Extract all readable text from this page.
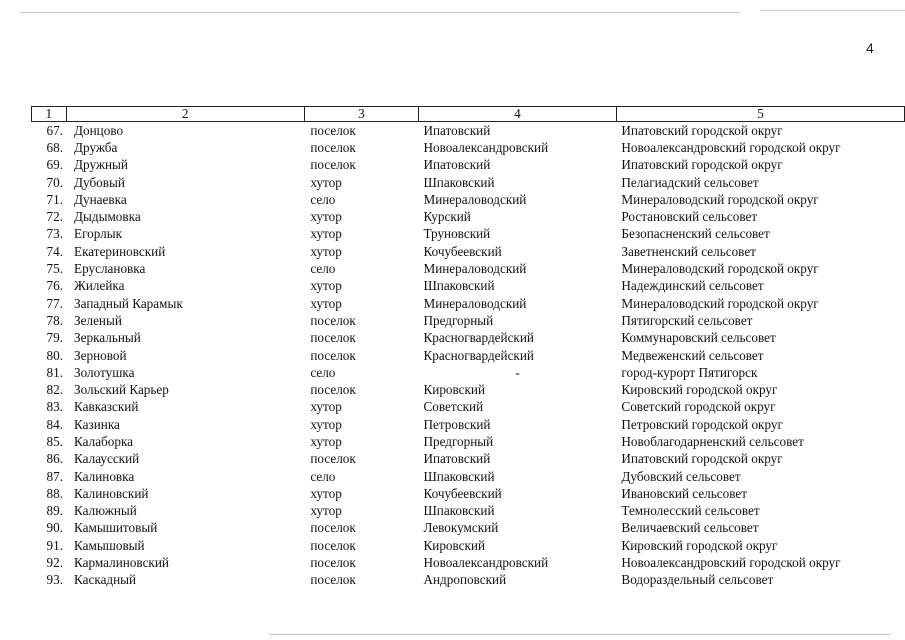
4
1	2	3	4	5
67.	Донцово	поселок	Ипатовский	Ипатовский городской округ
68.	Дружба	поселок	Новоалександровский	Новоалександровский городской округ
69.	Дружный	поселок	Ипатовский	Ипатовский городской округ
70.	Дубовый	хутор	Шпаковский	Пелагиадский сельсовет
71.	Дунаевка	село	Минераловодский	Минераловодский городской округ
72.	Дыдымовка	хутор	Курский	Ростановский сельсовет
73.	Егорлык	хутор	Труновский	Безопасненский сельсовет
74.	Екатериновский	хутор	Кочубеевский	Заветненский сельсовет
75.	Еруслановка	село	Минераловодский	Минераловодский городской округ
76.	Жилейка	хутор	Шпаковский	Надеждинский сельсовет
77.	Западный Карамык	хутор	Минераловодский	Минераловодский городской округ
78.	Зеленый	поселок	Предгорный	Пятигорский сельсовет
79.	Зеркальный	поселок	Красногвардейский	Коммунаровский сельсовет
80.	Зерновой	поселок	Красногвардейский	Медвеженский сельсовет
81.	Золотушка	село	-	город-курорт Пятигорск
82.	Зольский Карьер	поселок	Кировский	Кировский городской округ
83.	Кавказский	хутор	Советский	Советский городской округ
84.	Казинка	хутор	Петровский	Петровский городской округ
85.	Калаборка	хутор	Предгорный	Новоблагодарненский сельсовет
86.	Калаусский	поселок	Ипатовский	Ипатовский городской округ
87.	Калиновка	село	Шпаковский	Дубовский сельсовет
88.	Калиновский	хутор	Кочубеевский	Ивановский сельсовет
89.	Калюжный	хутор	Шпаковский	Темнолесский сельсовет
90.	Камышитовый	поселок	Левокумский	Величаевский сельсовет
91.	Камышовый	поселок	Кировский	Кировский городской округ
92.	Кармалиновский	поселок	Новоалександровский	Новоалександровский городской округ
93.	Каскадный	поселок	Андроповский	Водораздельный сельсовет
